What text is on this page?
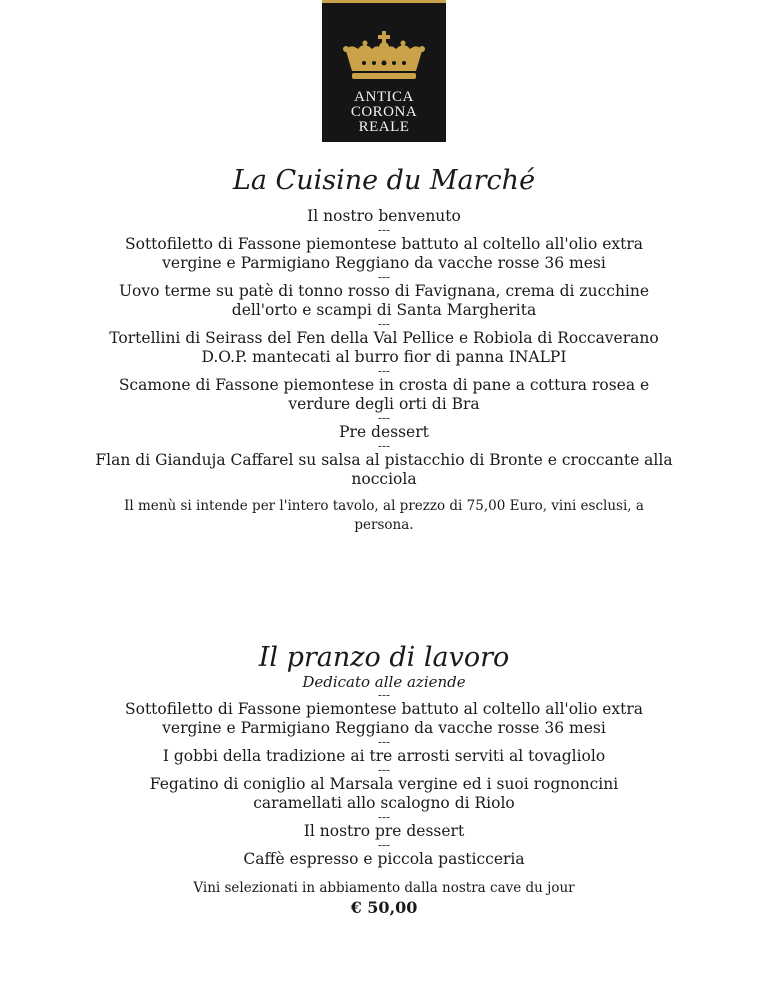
ANTICA
CORONA
REALE
La Cuisine du Marché
Il nostro benvenuto
---
Sottofiletto di Fassone piemontese battuto al coltello all'olio extra vergine e Parmigiano Reggiano da vacche rosse 36 mesi
---
Uovo terme su patè di tonno rosso di Favignana, crema di zucchine dell'orto e scampi di Santa Margherita
---
Tortellini di Seirass del Fen della Val Pellice e Robiola di Roccaverano D.O.P. mantecati al burro fior di panna INALPI
---
Scamone di Fassone piemontese in crosta di pane a cottura rosea e verdure degli orti di Bra
---
Pre dessert
---
Flan di Gianduja Caffarel su salsa al pistacchio di Bronte e croccante alla nocciola
Il menù si intende per l'intero tavolo, al prezzo di 75,00 Euro, vini esclusi, a persona.
Il pranzo di lavoro
Dedicato alle aziende
---
Sottofiletto di Fassone piemontese battuto al coltello all'olio extra vergine e Parmigiano Reggiano da vacche rosse 36 mesi
---
I gobbi della tradizione ai tre arrosti serviti al tovagliolo
---
Fegatino di coniglio al Marsala vergine ed i suoi rognoncini caramellati allo scalogno di Riolo
---
Il nostro pre dessert
---
Caffè espresso e piccola pasticceria
Vini selezionati in abbiamento dalla nostra cave du jour
€ 50,00
